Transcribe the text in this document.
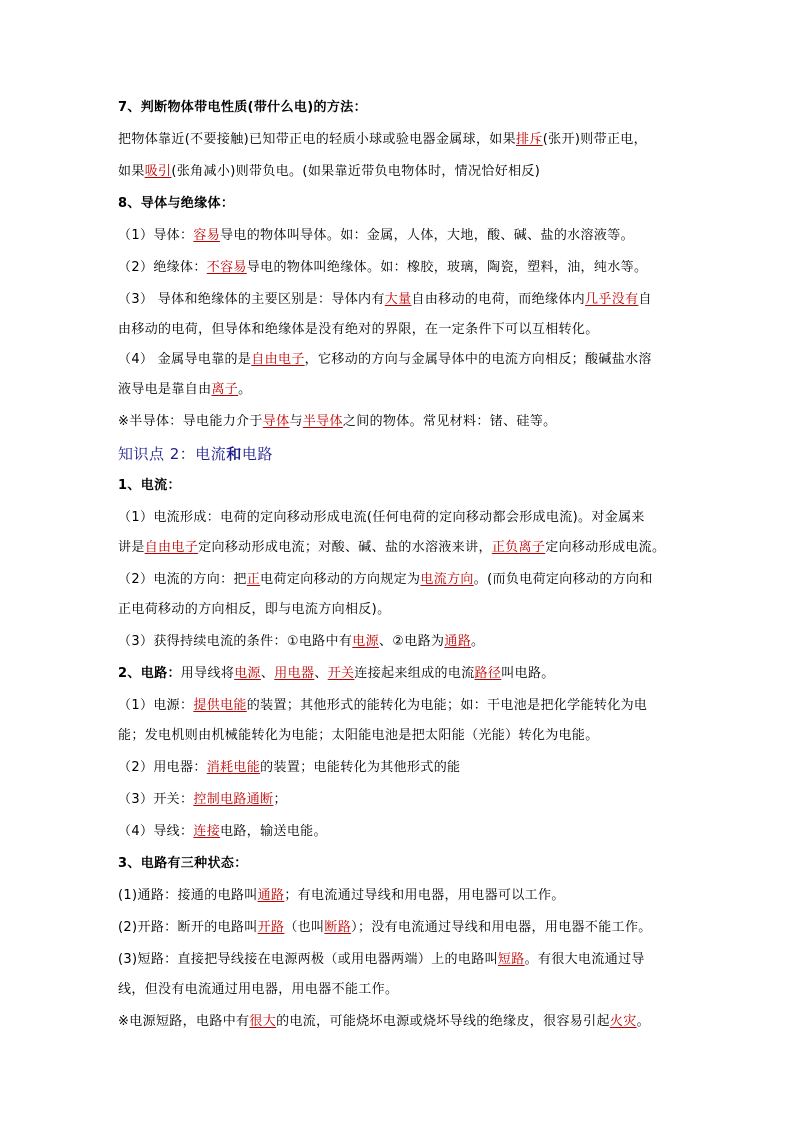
7、判断物体带电性质(带什么电)的方法：
把物体靠近(不要接触)已知带正电的轻质小球或验电器金属球，如果排斥(张开)则带正电，
如果吸引(张角减小)则带负电。(如果靠近带负电物体时，情况恰好相反)
8、导体与绝缘体：
（1）导体：容易导电的物体叫导体。如：金属，人体，大地，酸、碱、盐的水溶液等。
（2）绝缘体：不容易导电的物体叫绝缘体。如：橡胶，玻璃，陶瓷，塑料，油，纯水等。
（3） 导体和绝缘体的主要区别是：导体内有大量自由移动的电荷，而绝缘体内几乎没有自
由移动的电荷，但导体和绝缘体是没有绝对的界限，在一定条件下可以互相转化。
（4） 金属导电靠的是自由电子，它移动的方向与金属导体中的电流方向相反；酸碱盐水溶
液导电是靠自由离子。
※半导体：导电能力介于导体与半导体之间的物体。常见材料：锗、硅等。
知识点 2：电流和电路
1、电流：
（1）电流形成：电荷的定向移动形成电流(任何电荷的定向移动都会形成电流)。对金属来
讲是自由电子定向移动形成电流；对酸、碱、盐的水溶液来讲，正负离子定向移动形成电流。
（2）电流的方向：把正电荷定向移动的方向规定为电流方向。(而负电荷定向移动的方向和
正电荷移动的方向相反，即与电流方向相反)。
（3）获得持续电流的条件：①电路中有电源、②电路为通路。
2、电路：用导线将电源、用电器、开关连接起来组成的电流路径叫电路。
（1）电源：提供电能的装置；其他形式的能转化为电能；如：干电池是把化学能转化为电
能；发电机则由机械能转化为电能；太阳能电池是把太阳能（光能）转化为电能。
（2）用电器：消耗电能的装置；电能转化为其他形式的能
（3）开关：控制电路通断；
（4）导线：连接电路，输送电能。
3、电路有三种状态：
(1)通路：接通的电路叫通路；有电流通过导线和用电器，用电器可以工作。
(2)开路：断开的电路叫开路（也叫断路）；没有电流通过导线和用电器，用电器不能工作。
(3)短路：直接把导线接在电源两极（或用电器两端）上的电路叫短路。有很大电流通过导
线，但没有电流通过用电器，用电器不能工作。
※电源短路，电路中有很大的电流，可能烧坏电源或烧坏导线的绝缘皮，很容易引起火灾。
